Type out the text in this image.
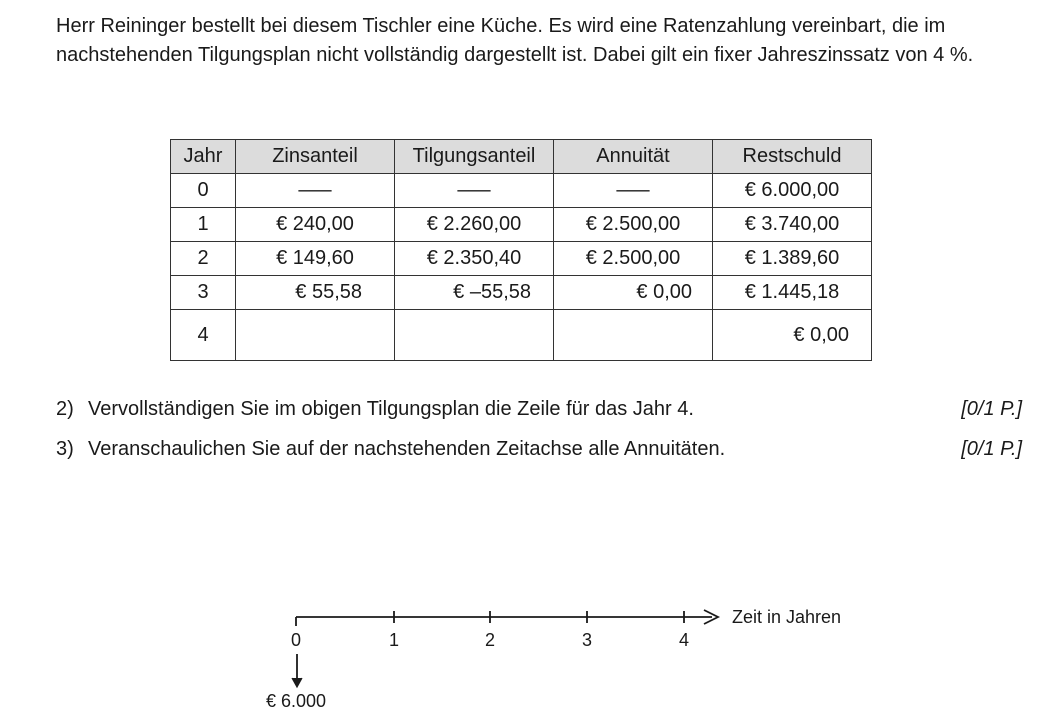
Herr Reininger bestellt bei diesem Tischler eine Küche. Es wird eine Ratenzahlung vereinbart, die im nachstehenden Tilgungsplan nicht vollständig dargestellt ist. Dabei gilt ein fixer Jahreszinssatz von 4 %.

Jahr	Zinsanteil	Tilgungsanteil	Annuität	Restschuld
0	–––	–––	–––	€ 6.000,00
1	€ 240,00	€ 2.260,00	€ 2.500,00	€ 3.740,00
2	€ 149,60	€ 2.350,40	€ 2.500,00	€ 1.389,60
3	€ 55,58	€ –55,58	€ 0,00	€ 1.445,18
4				€ 0,00
2) Vervollständigen Sie im obigen Tilgungsplan die Zeile für das Jahr 4.	[0/1 P.]
3) Veranschaulichen Sie auf der nachstehenden Zeitachse alle Annuitäten.	[0/1 P.]
Zeit in Jahren
0	1	2	3	4
€ 6.000
